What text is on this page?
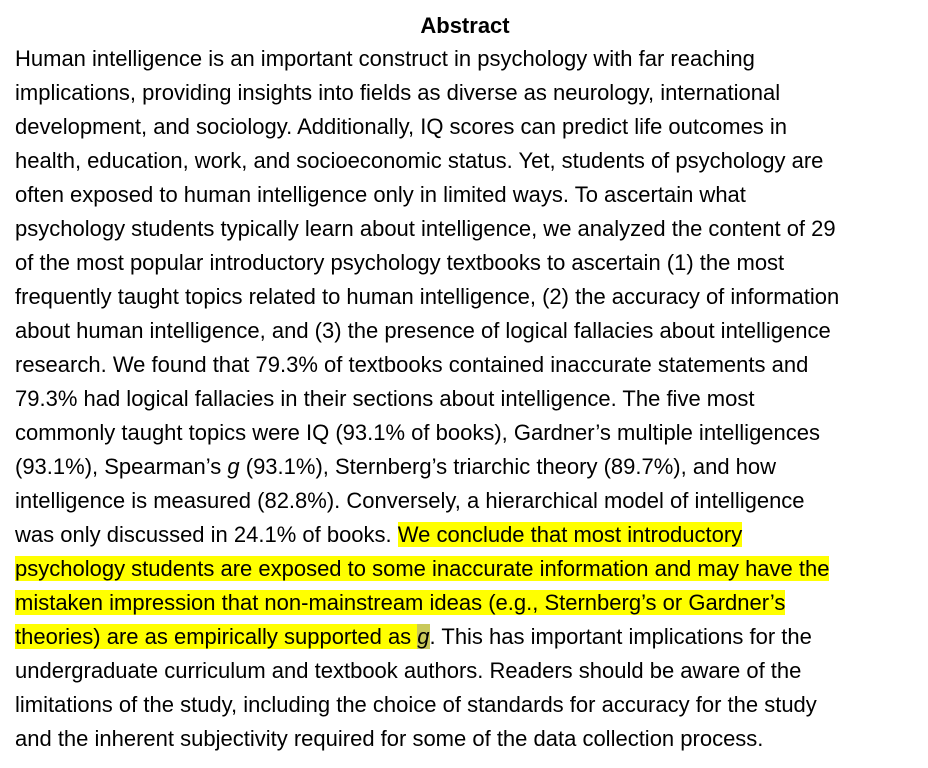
Abstract

Human intelligence is an important construct in psychology with far reaching

implications, providing insights into fields as diverse as neurology, international

development, and sociology. Additionally, IQ scores can predict life outcomes in

health, education, work, and socioeconomic status. Yet, students of psychology are

often exposed to human intelligence only in limited ways. To ascertain what

psychology students typically learn about intelligence, we analyzed the content of 29

of the most popular introductory psychology textbooks to ascertain (1) the most

frequently taught topics related to human intelligence, (2) the accuracy of information

about human intelligence, and (3) the presence of logical fallacies about intelligence

research. We found that 79.3% of textbooks contained inaccurate statements and

79.3% had logical fallacies in their sections about intelligence. The five most

commonly taught topics were IQ (93.1% of books), Gardner’s multiple intelligences

(93.1%), Spearman’s g (93.1%), Sternberg’s triarchic theory (89.7%), and how

intelligence is measured (82.8%). Conversely, a hierarchical model of intelligence

was only discussed in 24.1% of books. We conclude that most introductory

psychology students are exposed to some inaccurate information and may have the

mistaken impression that non-mainstream ideas (e.g., Sternberg’s or Gardner’s

theories) are as empirically supported as g. This has important implications for the

undergraduate curriculum and textbook authors. Readers should be aware of the

limitations of the study, including the choice of standards for accuracy for the study

and the inherent subjectivity required for some of the data collection process.
